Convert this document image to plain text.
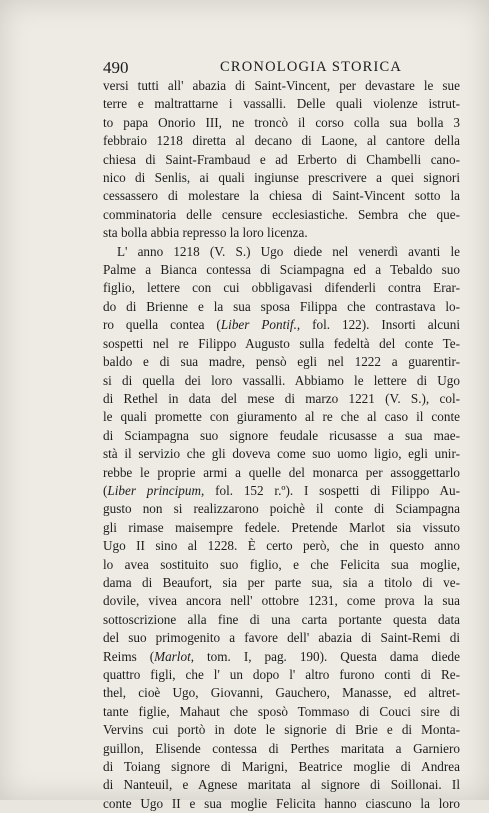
490	CRONOLOGIA STORICA
versi tutti all' abazia di Saint-Vincent, per devastare le sue
terre e maltrattarne i vassalli. Delle quali violenze istrut-
to papa Onorio III, ne troncò il corso colla sua bolla 3
febbraio 1218 diretta al decano di Laone, al cantore della
chiesa di Saint-Frambaud e ad Erberto di Chambelli cano-
nico di Senlis, ai quali ingiunse prescrivere a quei signori
cessassero di molestare la chiesa di Saint-Vincent sotto la
comminatoria delle censure ecclesiastiche. Sembra che que-
sta bolla abbia represso la loro licenza.
L' anno 1218 (V. S.) Ugo diede nel venerdì avanti le
Palme a Bianca contessa di Sciampagna ed a Tebaldo suo
figlio, lettere con cui obbligavasi difenderli contra Erar-
do di Brienne e la sua sposa Filippa che contrastava lo-
ro quella contea (Liber Pontif., fol. 122). Insorti alcuni
sospetti nel re Filippo Augusto sulla fedeltà del conte Te-
baldo e di sua madre, pensò egli nel 1222 a guarentir-
si di quella dei loro vassalli. Abbiamo le lettere di Ugo
di Rethel in data del mese di marzo 1221 (V. S.), col-
le quali promette con giuramento al re che al caso il conte
di Sciampagna suo signore feudale ricusasse a sua mae-
stà il servizio che gli doveva come suo uomo ligio, egli unir-
rebbe le proprie armi a quelle del monarca per assoggettarlo
(Liber principum, fol. 152 r.º). I sospetti di Filippo Au-
gusto non si realizzarono poichè il conte di Sciampagna
gli rimase maisempre fedele. Pretende Marlot sia vissuto
Ugo II sino al 1228. È certo però, che in questo anno
lo avea sostituito suo figlio, e che Felicita sua moglie,
dama di Beaufort, sia per parte sua, sia a titolo di ve-
dovile, vivea ancora nell' ottobre 1231, come prova la sua
sottoscrizione alla fine di una carta portante questa data
del suo primogenito a favore dell' abazia di Saint-Remi di
Reims (Marlot, tom. I, pag. 190). Questa dama diede
quattro figli, che l' un dopo l' altro furono conti di Re-
thel, cioè Ugo, Giovanni, Gauchero, Manasse, ed altret-
tante figlie, Mahaut che sposò Tommaso di Couci sire di
Vervins cui portò in dote le signorie di Brie e di Monta-
guillon, Elisende contessa di Perthes maritata a Garniero
di Toiang signore di Marigni, Beatrice moglie di Andrea
di Nanteuil, e Agnese maritata al signore di Soillonai. Il
conte Ugo II e sua moglie Felicita hanno ciascuno la loro
